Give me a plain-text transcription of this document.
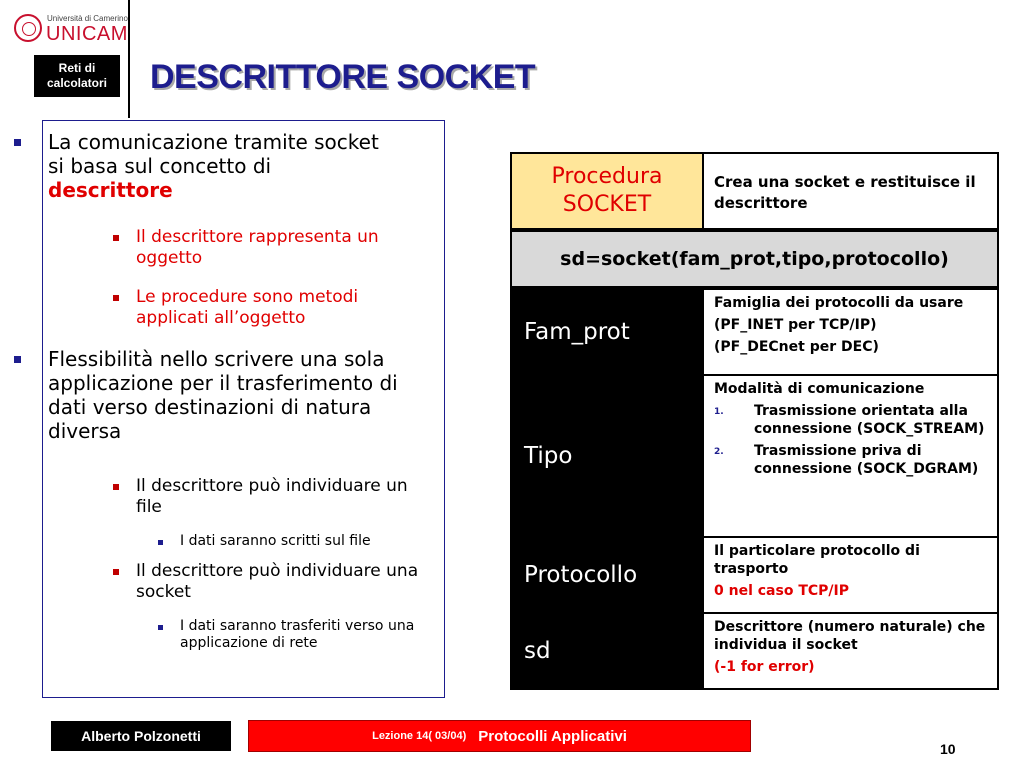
Università di Camerino
UNICAM
Reti di calcolatori	DESCRITTORE SOCKET
La comunicazione tramite socket si basa sul concetto di descrittore
Il descrittore rappresenta un oggetto
Le procedure sono metodi applicati all’oggetto
Flessibilità nello scrivere una sola applicazione per il trasferimento di dati verso destinazioni di natura diversa
Il descrittore può individuare un file
I dati saranno scritti sul file
Il descrittore può individuare una socket
I dati saranno trasferiti verso una applicazione di rete
Procedura SOCKET
Crea una socket e restituisce il descrittore
sd=socket(fam_prot,tipo,protocollo)
Fam_prot

Famiglia dei protocolli da usare

(PF_INET per TCP/IP)

(PF_DECnet per DEC)

Tipo

Modalità di comunicazione

1. Trasmissione orientata alla connessione (SOCK_STREAM)
2. Trasmissione priva di connessione (SOCK_DGRAM)
Protocollo

Il particolare protocollo di trasporto

0 nel caso TCP/IP

sd

Descrittore (numero naturale) che individua il socket

(-1 for error)

Alberto Polzonetti	Lezione 14( 03/04) Protocolli Applicativi
10
